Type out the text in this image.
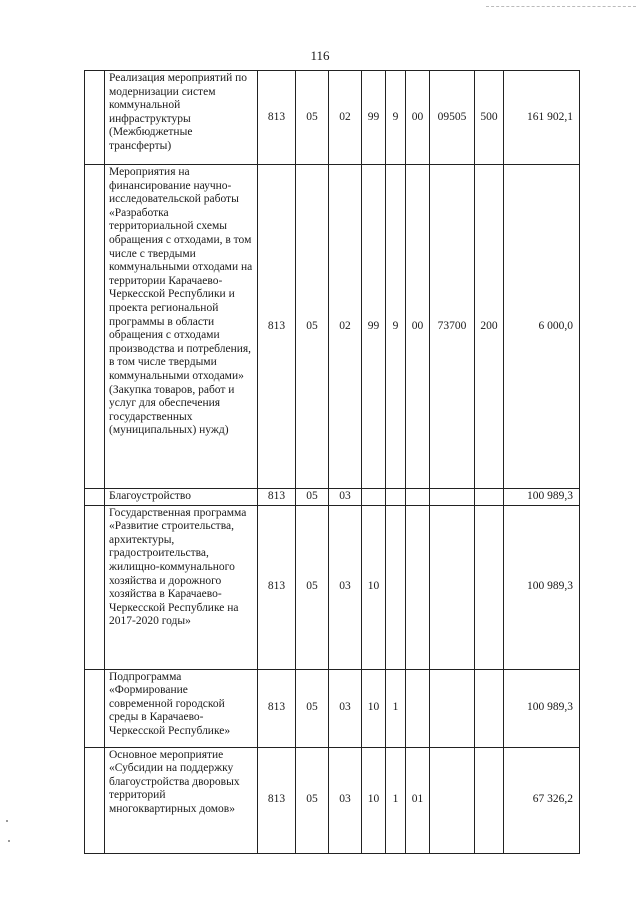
116
	Реализация мероприятий по модернизации систем коммунальной инфраструктуры (Межбюджетные трансферты)	813	05	02	99	9	00	09505	500	161 902,1
	Мероприятия на финансирование научно-исследовательской работы «Разработка территориальной схемы обращения с отходами, в том числе с твердыми коммунальными отходами на территории Карачаево-Черкесской Республики и проекта региональной программы в области обращения с отходами производства и потребления, в том числе твердыми коммунальными отходами» (Закупка товаров, работ и услуг для обеспечения государственных (муниципальных) нужд)	813	05	02	99	9	00	73700	200	6 000,0
	Благоустройство	813	05	03						100 989,3
	Государственная программа «Развитие строительства, архитектуры, градостроительства, жилищно-коммунального хозяйства и дорожного хозяйства в Карачаево-Черкесской Республике на 2017-2020 годы»	813	05	03	10					100 989,3
	Подпрограмма «Формирование современной городской среды в Карачаево-Черкесской Республике»	813	05	03	10	1				100 989,3
	Основное мероприятие «Субсидии на поддержку благоустройства дворовых территорий многоквартирных домов»	813	05	03	10	1	01			67 326,2
